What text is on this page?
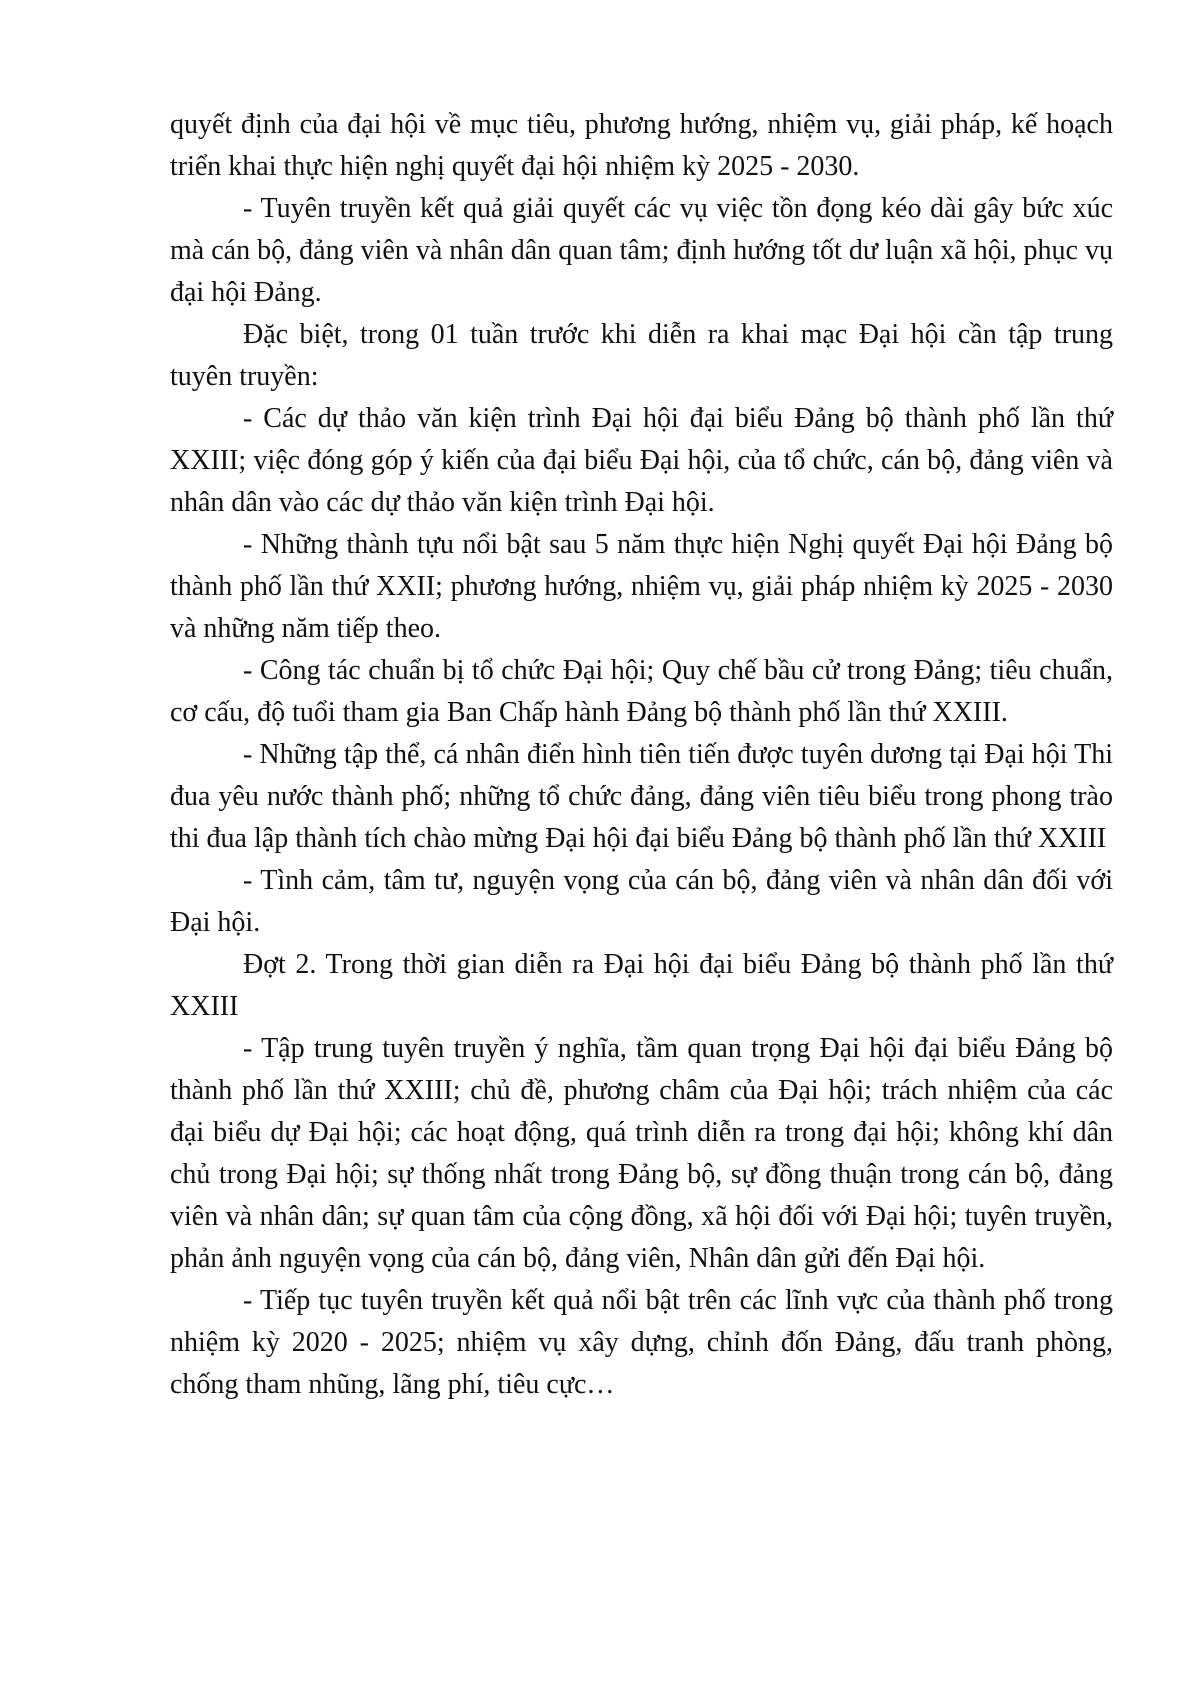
quyết định của đại hội về mục tiêu, phương hướng, nhiệm vụ, giải pháp, kế hoạch triển khai thực hiện nghị quyết đại hội nhiệm kỳ 2025 - 2030.

- Tuyên truyền kết quả giải quyết các vụ việc tồn đọng kéo dài gây bức xúc mà cán bộ, đảng viên và nhân dân quan tâm; định hướng tốt dư luận xã hội, phục vụ đại hội Đảng.

Đặc biệt, trong 01 tuần trước khi diễn ra khai mạc Đại hội cần tập trung tuyên truyền:

- Các dự thảo văn kiện trình Đại hội đại biểu Đảng bộ thành phố lần thứ XXIII; việc đóng góp ý kiến của đại biểu Đại hội, của tổ chức, cán bộ, đảng viên và nhân dân vào các dự thảo văn kiện trình Đại hội.

- Những thành tựu nổi bật sau 5 năm thực hiện Nghị quyết Đại hội Đảng bộ thành phố lần thứ XXII; phương hướng, nhiệm vụ, giải pháp nhiệm kỳ 2025 - 2030 và những năm tiếp theo.

- Công tác chuẩn bị tổ chức Đại hội; Quy chế bầu cử trong Đảng; tiêu chuẩn, cơ cấu, độ tuổi tham gia Ban Chấp hành Đảng bộ thành phố lần thứ XXIII.

- Những tập thể, cá nhân điển hình tiên tiến được tuyên dương tại Đại hội Thi đua yêu nước thành phố; những tổ chức đảng, đảng viên tiêu biểu trong phong trào thi đua lập thành tích chào mừng Đại hội đại biểu Đảng bộ thành phố lần thứ XXIII

- Tình cảm, tâm tư, nguyện vọng của cán bộ, đảng viên và nhân dân đối với Đại hội.

Đợt 2. Trong thời gian diễn ra Đại hội đại biểu Đảng bộ thành phố lần thứ XXIII

- Tập trung tuyên truyền ý nghĩa, tầm quan trọng Đại hội đại biểu Đảng bộ thành phố lần thứ XXIII; chủ đề, phương châm của Đại hội; trách nhiệm của các đại biểu dự Đại hội; các hoạt động, quá trình diễn ra trong đại hội; không khí dân chủ trong Đại hội; sự thống nhất trong Đảng bộ, sự đồng thuận trong cán bộ, đảng viên và nhân dân; sự quan tâm của cộng đồng, xã hội đối với Đại hội; tuyên truyền, phản ảnh nguyện vọng của cán bộ, đảng viên, Nhân dân gửi đến Đại hội.

- Tiếp tục tuyên truyền kết quả nổi bật trên các lĩnh vực của thành phố trong nhiệm kỳ 2020 - 2025; nhiệm vụ xây dựng, chỉnh đốn Đảng, đấu tranh phòng, chống tham nhũng, lãng phí, tiêu cực…
